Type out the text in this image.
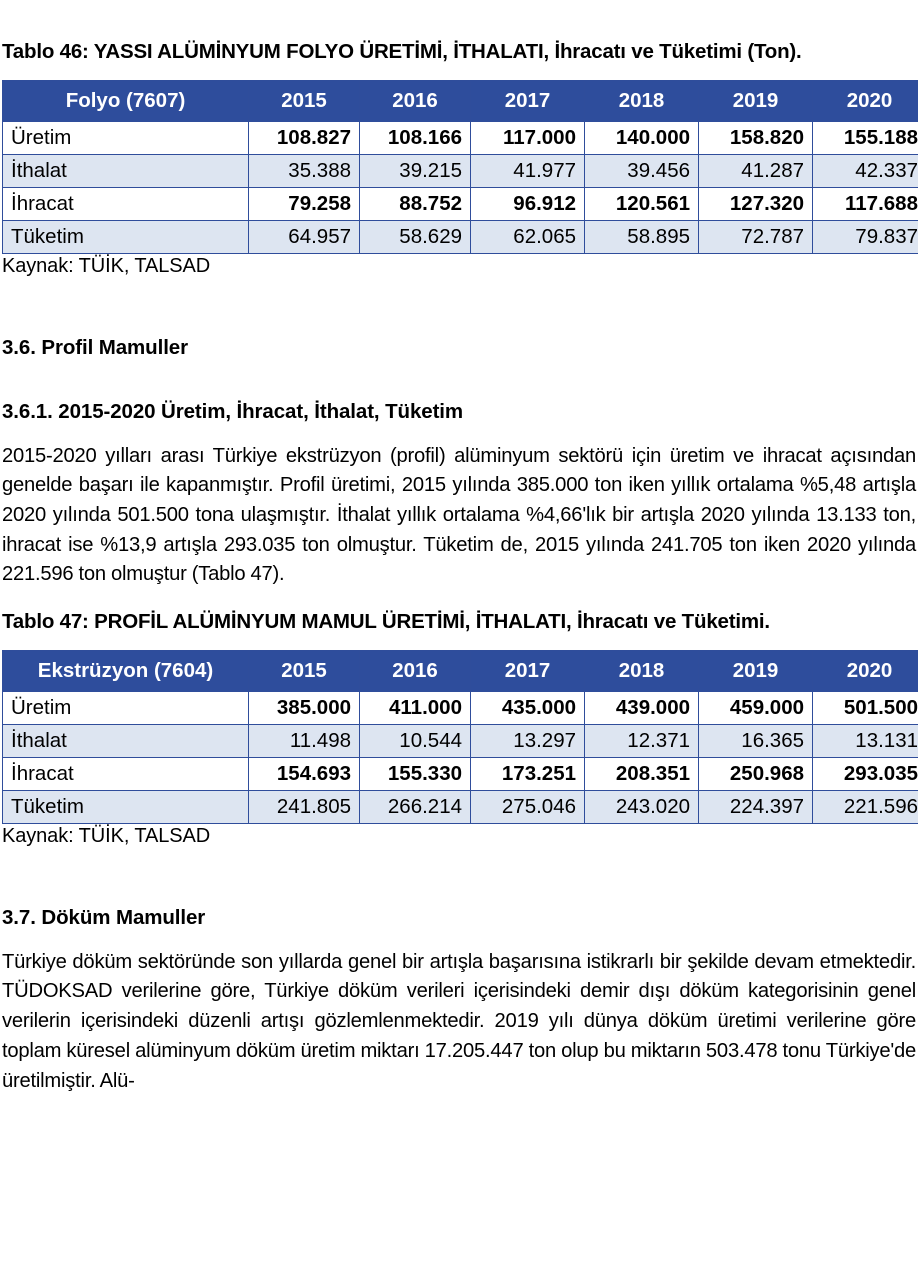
Tablo 46: YASSI ALÜMİNYUM FOLYO ÜRETİMİ, İTHALATI, İhracatı ve Tüketimi (Ton).
Folyo (7607)	2015	2016	2017	2018	2019	2020
Üretim	108.827	108.166	117.000	140.000	158.820	155.188
İthalat	35.388	39.215	41.977	39.456	41.287	42.337
İhracat	79.258	88.752	96.912	120.561	127.320	117.688
Tüketim	64.957	58.629	62.065	58.895	72.787	79.837
Kaynak: TÜİK, TALSAD
3.6. Profil Mamuller
3.6.1. 2015-2020 Üretim, İhracat, İthalat, Tüketim

2015-2020 yılları arası Türkiye ekstrüzyon (profil) alüminyum sektörü için üretim ve ihracat açısından genelde başarı ile kapanmıştır. Profil üretimi, 2015 yılında 385.000 ton iken yıllık ortalama %5,48 artışla 2020 yılında 501.500 tona ulaşmıştır. İthalat yıllık ortalama %4,66'lık bir artışla 2020 yılında 13.133 ton, ihracat ise %13,9 artışla 293.035 ton olmuştur. Tüketim de, 2015 yılında 241.705 ton iken 2020 yılında 221.596 ton olmuştur (Tablo 47).

Tablo 47: PROFİL ALÜMİNYUM MAMUL ÜRETİMİ, İTHALATI, İhracatı ve Tüketimi.
Ekstrüzyon (7604)	2015	2016	2017	2018	2019	2020
Üretim	385.000	411.000	435.000	439.000	459.000	501.500
İthalat	11.498	10.544	13.297	12.371	16.365	13.131
İhracat	154.693	155.330	173.251	208.351	250.968	293.035
Tüketim	241.805	266.214	275.046	243.020	224.397	221.596
Kaynak: TÜİK, TALSAD
3.7. Döküm Mamuller

Türkiye döküm sektöründe son yıllarda genel bir artışla başarısına istikrarlı bir şekilde devam etmektedir. TÜDOKSAD verilerine göre, Türkiye döküm verileri içerisindeki demir dışı döküm kategorisinin genel verilerin içerisindeki düzenli artışı gözlemlenmektedir. 2019 yılı dünya döküm üretimi verilerine göre toplam küresel alüminyum döküm üretim miktarı 17.205.447 ton olup bu miktarın 503.478 tonu Türkiye'de üretilmiştir. Alü-
